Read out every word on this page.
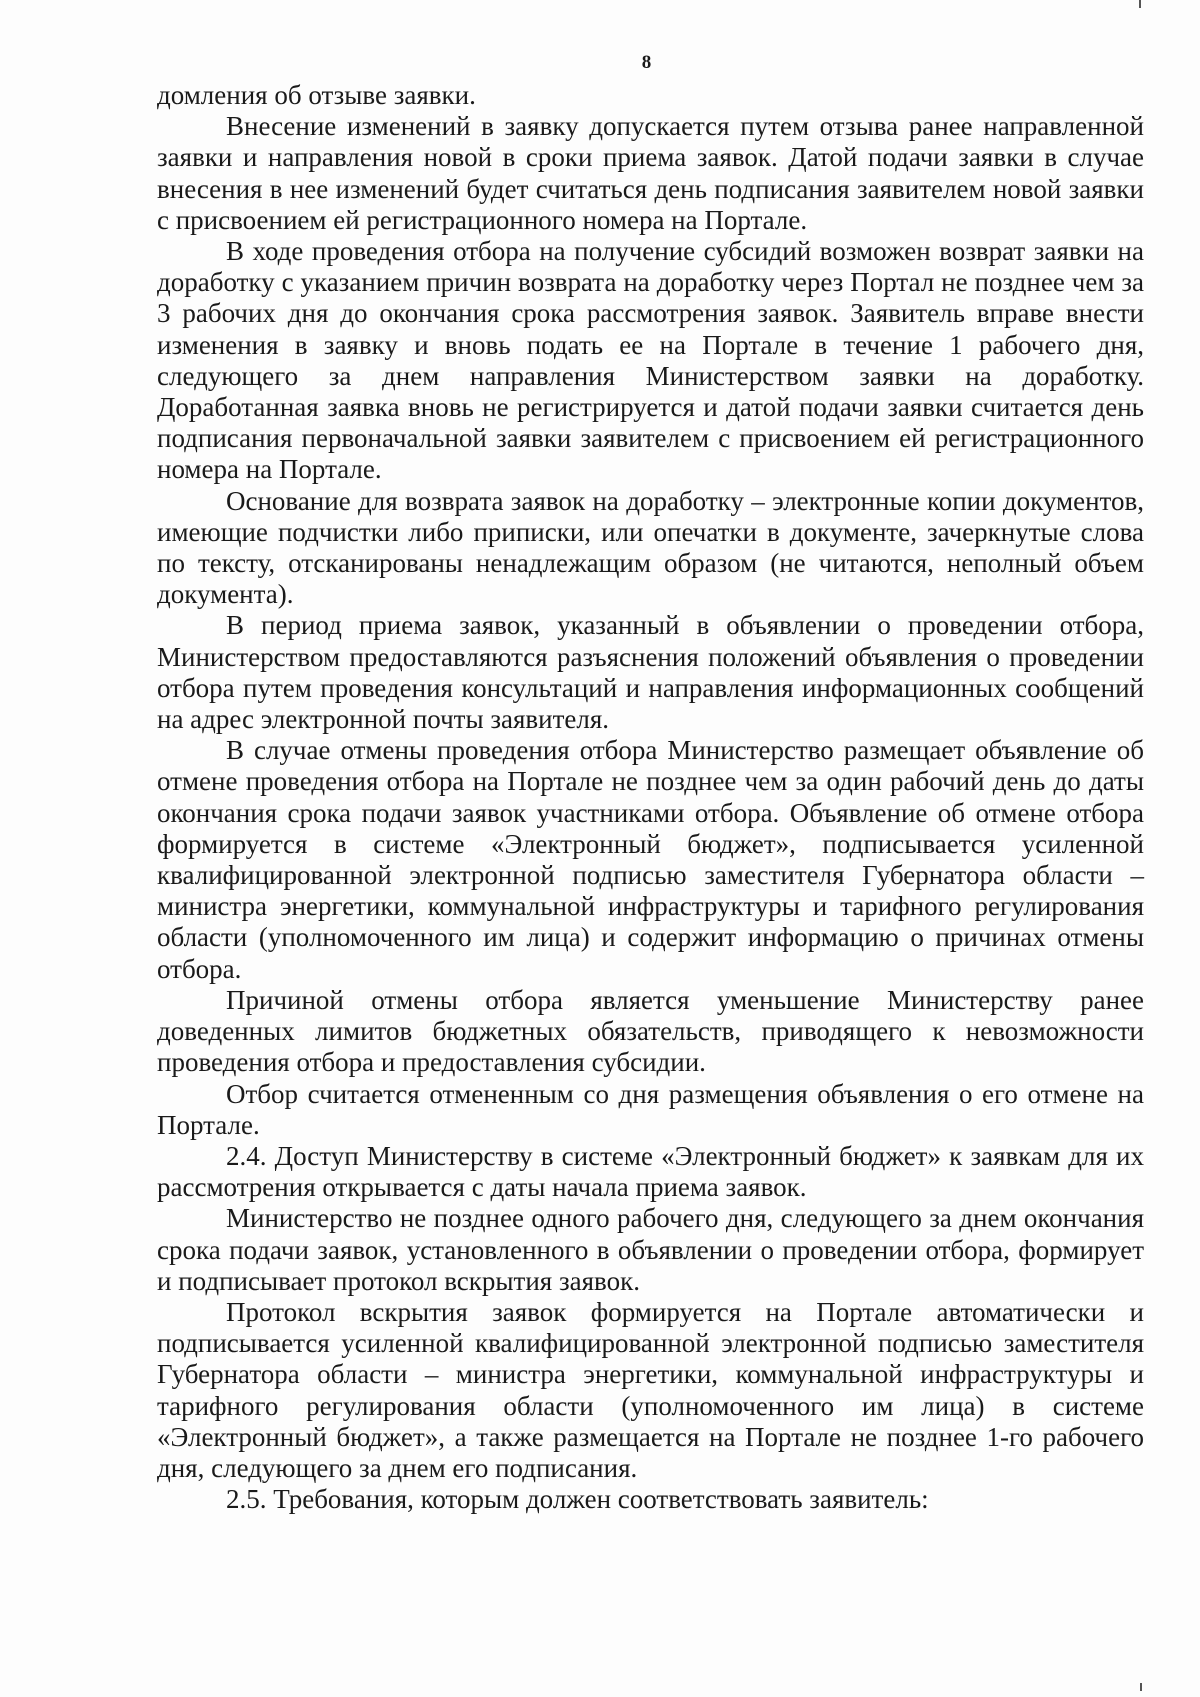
8

домления об отзыве заявки.

Внесение изменений в заявку допускается путем отзыва ранее направленной заявки и направления новой в сроки приема заявок. Датой подачи заявки в случае внесения в нее изменений будет считаться день подписания заявителем новой заявки с присвоением ей регистрационного номера на Портале.

В ходе проведения отбора на получение субсидий возможен возврат заявки на доработку с указанием причин возврата на доработку через Портал не позднее чем за 3 рабочих дня до окончания срока рассмотрения заявок. Заявитель вправе внести изменения в заявку и вновь подать ее на Портале в течение 1 рабочего дня, следующего за днем направления Министерством заявки на доработку. Доработанная заявка вновь не регистрируется и датой подачи заявки считается день подписания первоначальной заявки заявителем с присвоением ей регистрационного номера на Портале.

Основание для возврата заявок на доработку – электронные копии документов, имеющие подчистки либо приписки, или опечатки в документе, зачеркнутые слова по тексту, отсканированы ненадлежащим образом (не читаются, неполный объем документа).

В период приема заявок, указанный в объявлении о проведении отбора, Министерством предоставляются разъяснения положений объявления о проведении отбора путем проведения консультаций и направления информационных сообщений на адрес электронной почты заявителя.

В случае отмены проведения отбора Министерство размещает объявление об отмене проведения отбора на Портале не позднее чем за один рабочий день до даты окончания срока подачи заявок участниками отбора. Объявление об отмене отбора формируется в системе «Электронный бюджет», подписывается усиленной квалифицированной электронной подписью заместителя Губернатора области – министра энергетики, коммунальной инфраструктуры и тарифного регулирования области (уполномоченного им лица) и содержит информацию о причинах отмены отбора.

Причиной отмены отбора является уменьшение Министерству ранее доведенных лимитов бюджетных обязательств, приводящего к невозможности проведения отбора и предоставления субсидии.

Отбор считается отмененным со дня размещения объявления о его отмене на Портале.

2.4. Доступ Министерству в системе «Электронный бюджет» к заявкам для их рассмотрения открывается с даты начала приема заявок.

Министерство не позднее одного рабочего дня, следующего за днем окончания срока подачи заявок, установленного в объявлении о проведении отбора, формирует и подписывает протокол вскрытия заявок.

Протокол вскрытия заявок формируется на Портале автоматически и подписывается усиленной квалифицированной электронной подписью заместителя Губернатора области – министра энергетики, коммунальной инфраструктуры и тарифного регулирования области (уполномоченного им лица) в системе «Электронный бюджет», а также размещается на Портале не позднее 1-го рабочего дня, следующего за днем его подписания.

2.5. Требования, которым должен соответствовать заявитель:
